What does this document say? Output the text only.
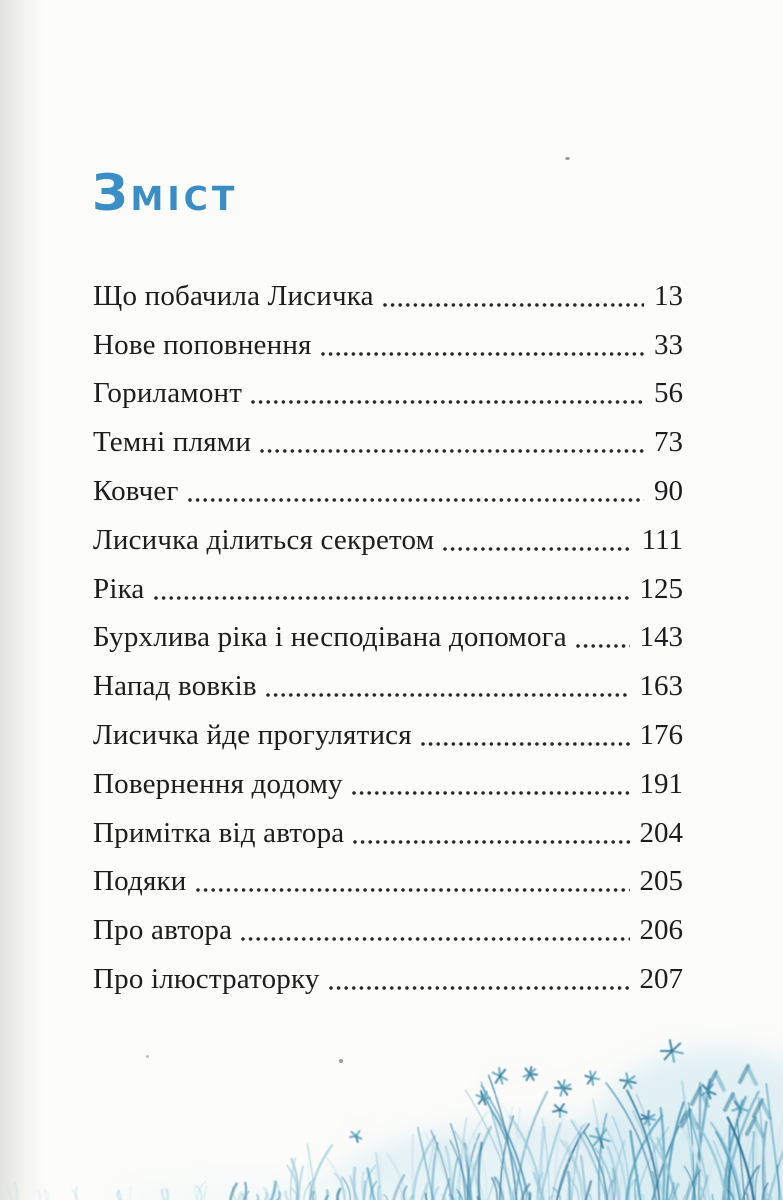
ЗМІСТ
Що побачила Лисичка	13
Нове поповнення	33
Гориламонт	56
Темні плями	73
Ковчег	90
Лисичка ділиться секретом	111
Ріка	125
Бурхлива ріка і несподівана допомога	143
Напад вовків	163
Лисичка йде прогулятися	176
Повернення додому	191
Примітка від автора	204
Подяки	205
Про автора	206
Про ілюстраторку	207
